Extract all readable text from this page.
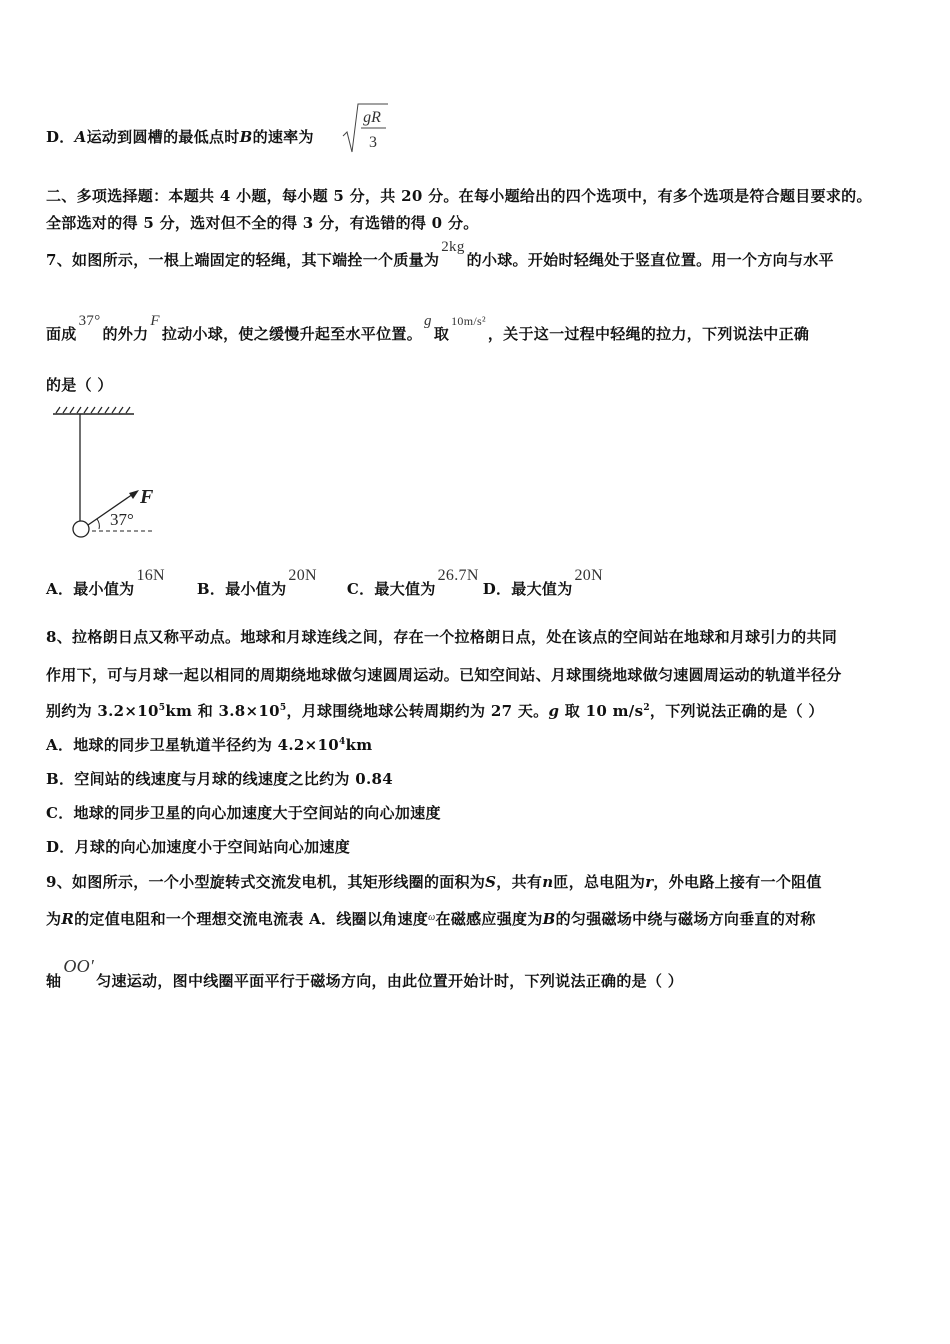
D．A运动到圆槽的最低点时B的速率为
gR
3
二、多项选择题：本题共 4 小题，每小题 5 分，共 20 分。在每小题给出的四个选项中，有多个选项是符合题目要求的。
全部选对的得 5 分，选对但不全的得 3 分，有选错的得 0 分。
7、如图所示，一根上端固定的轻绳，其下端拴一个质量为2kg的小球。开始时轻绳处于竖直位置。用一个方向与水平
面成37°的外力F拉动小球，使之缓慢升起至水平位置。g取$^{10m/s^2}$，关于这一过程中轻绳的拉力，下列说法中正确
的是（ ）
F
37°
A．最小值为16NB．最小值为20NC．最大值为26.7ND．最大值为20N
8、拉格朗日点又称平动点。地球和月球连线之间，存在一个拉格朗日点，处在该点的空间站在地球和月球引力的共同
作用下，可与月球一起以相同的周期绕地球做匀速圆周运动。已知空间站、月球围绕地球做匀速圆周运动的轨道半径分
别约为 $3.2\times 10^5km$ 和 $3.8\times 10^5$，月球围绕地球公转周期约为 27 天。g 取 10 $m/s^2$，下列说法正确的是（ ）
A．地球的同步卫星轨道半径约为 $4.2\times 10^4km$
B．空间站的线速度与月球的线速度之比约为 0.84
C．地球的同步卫星的向心加速度大于空间站的向心加速度
D．月球的向心加速度小于空间站向心加速度
9、如图所示，一个小型旋转式交流发电机，其矩形线圈的面积为S，共有n匝，总电阻为r，外电路上接有一个阻值
为R的定值电阻和一个理想交流电流表 A．线圈以角速度$^\omega$在磁感应强度为B的匀强磁场中绕与磁场方向垂直的对称
轴OO′匀速运动，图中线圈平面平行于磁场方向，由此位置开始计时，下列说法正确的是（ ）
